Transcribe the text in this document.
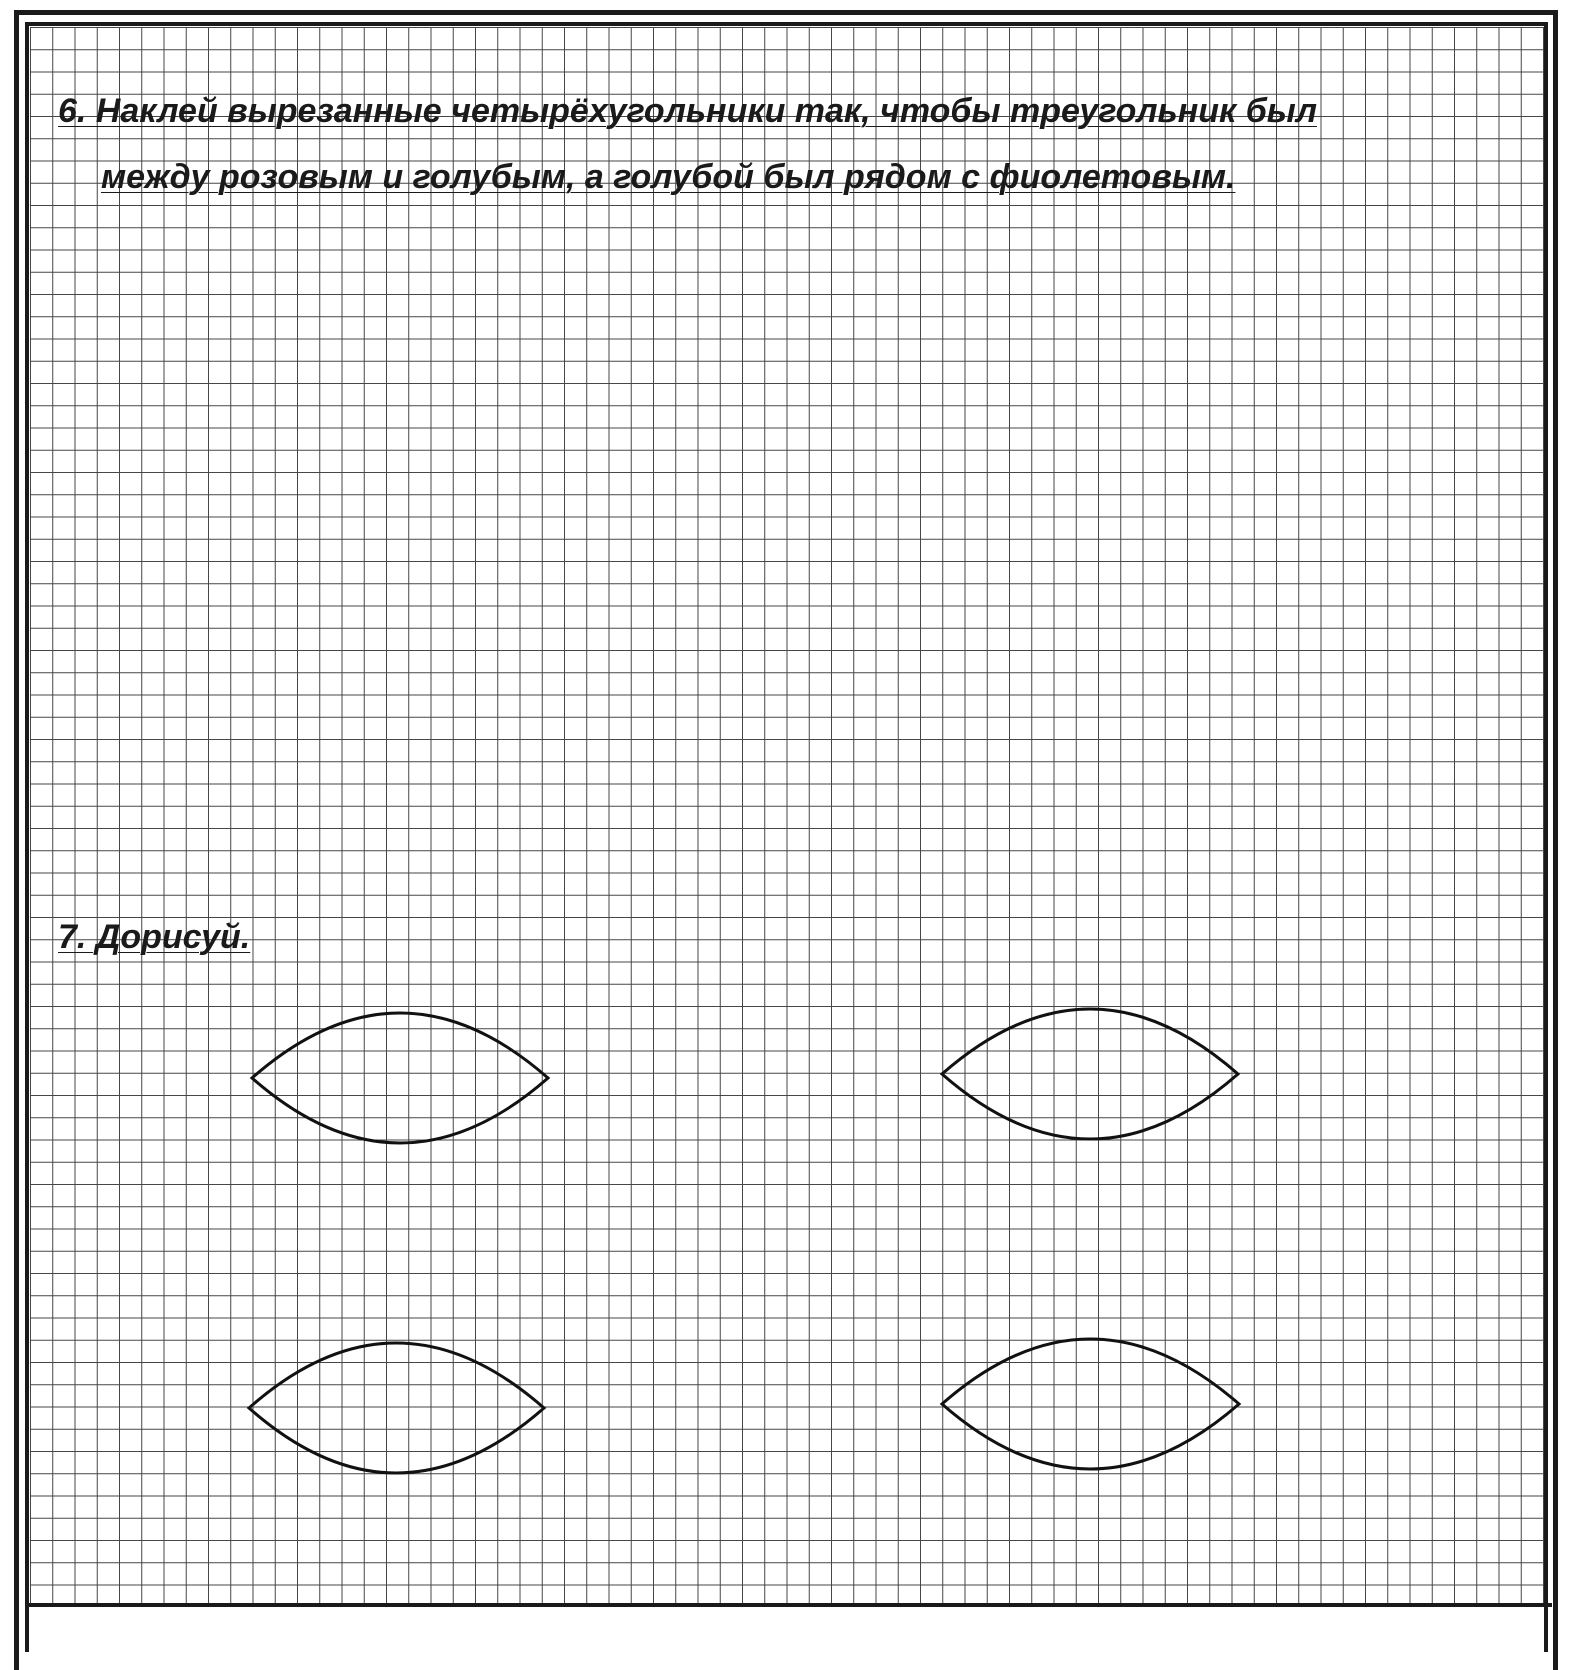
6. Наклей вырезанные четырёхугольники так, чтобы треугольник был

между розовым и голубым, а голубой был рядом с фиолетовым.

7. Дорисуй.
